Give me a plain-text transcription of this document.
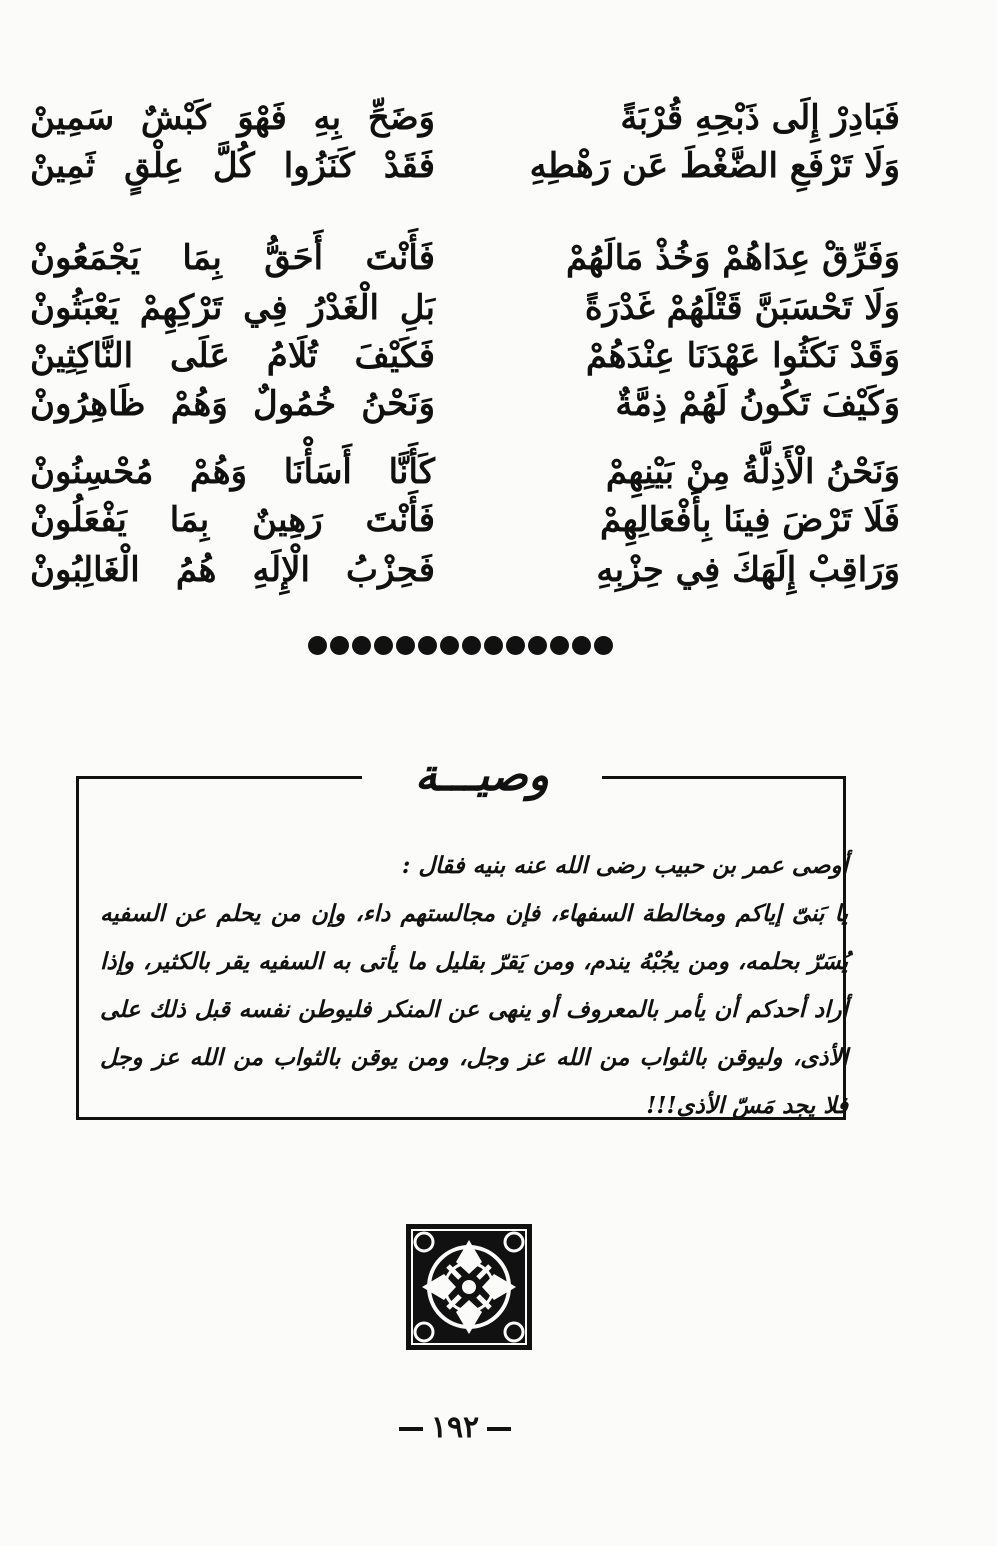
فَبَادِرْ إِلَى ذَبْحِهِ قُرْبَةً
وَضَحِّ بِهِ فَهْوَ كَبْشٌ سَمِينْ
وَلَا تَرْفَعِ الضَّغْطَ عَن رَهْطِهِ
فَقَدْ كَنَزُوا كُلَّ عِلْقٍ ثَمِينْ
وَفَرِّقْ عِدَاهُمْ وَخُذْ مَالَهُمْ
فَأَنْتَ أَحَقُّ بِمَا يَجْمَعُونْ
وَلَا تَحْسَبَنَّ قَتْلَهُمْ غَدْرَةً
بَلِ الْغَدْرُ فِي تَرْكِهِمْ يَعْبَثُونْ
وَقَدْ نَكَثُوا عَهْدَنَا عِنْدَهُمْ
فَكَيْفَ تُلَامُ عَلَى النَّاكِثِينْ
وَكَيْفَ تَكُونُ لَهُمْ ذِمَّةٌ
وَنَحْنُ خُمُولٌ وَهُمْ ظَاهِرُونْ
وَنَحْنُ الْأَذِلَّةُ مِنْ بَيْنِهِمْ
كَأَنَّا أَسَأْنَا وَهُمْ مُحْسِنُونْ
فَلَا تَرْضَ فِينَا بِأَفْعَالِهِمْ
فَأَنْتَ رَهِينٌ بِمَا يَفْعَلُونْ
وَرَاقِبْ إِلَهَكَ فِي حِزْبِهِ
فَحِزْبُ الْإِلَهِ هُمُ الْغَالِبُونْ
وصيـــة

أوصى عمر بن حبيب رضى الله عنه بنيه فقال :

يا بَنىّ إياكم ومخالطة السفهاء، فإن مجالستهم داء، وإن من يحلم عن السفيه يُسَرّ بحلمه، ومن يجُبْهُ يندم، ومن يَقرّ بقليل ما يأتى به السفيه يقر بالكثير، وإذا أراد أحدكم أن يأمر بالمعروف أو ينهى عن المنكر فليوطن نفسه قبل ذلك على الأذى، وليوقن بالثواب من الله عز وجل، ومن يوقن بالثواب من الله عز وجل فلا يجد مَسّ الأذى!!!

١٩٢
